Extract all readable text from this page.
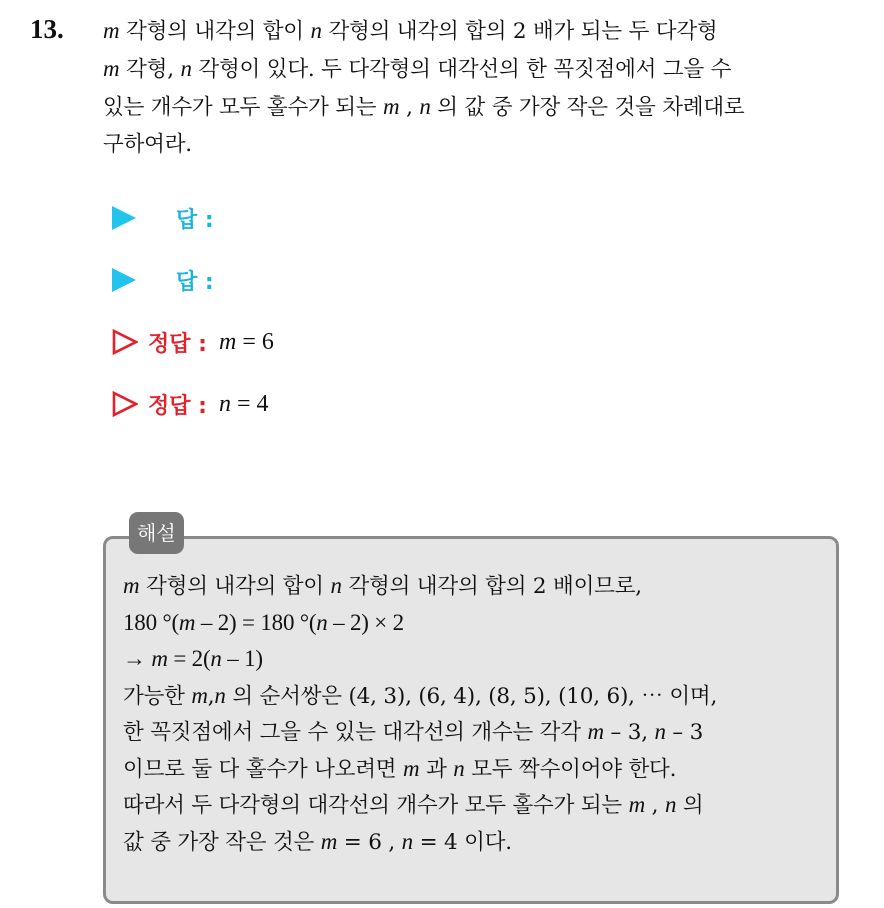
13. m 각형의 내각의 합이 n 각형의 내각의 합의 2 배가 되는 두 다각형
m 각형, n 각형이 있다. 두 다각형의 대각선의 한 꼭짓점에서 그을 수
있는 개수가 모두 홀수가 되는 m , n 의 값 중 가장 작은 것을 차례대로
구하여라.
답 :
답 :
정답 : m = 6
정답 : n = 4
해설
m 각형의 내각의 합이 n 각형의 내각의 합의 2 배이므로,
180 °(m – 2) = 180 °(n – 2) × 2
→ m = 2(n – 1)
가능한 m,n 의 순서쌍은 (4, 3), (6, 4), (8, 5), (10, 6), ⋯ 이며,
한 꼭짓점에서 그을 수 있는 대각선의 개수는 각각 m – 3, n – 3
이므로 둘 다 홀수가 나오려면 m 과 n 모두 짝수이어야 한다.
따라서 두 다각형의 대각선의 개수가 모두 홀수가 되는 m , n 의
값 중 가장 작은 것은 m = 6 , n = 4 이다.
